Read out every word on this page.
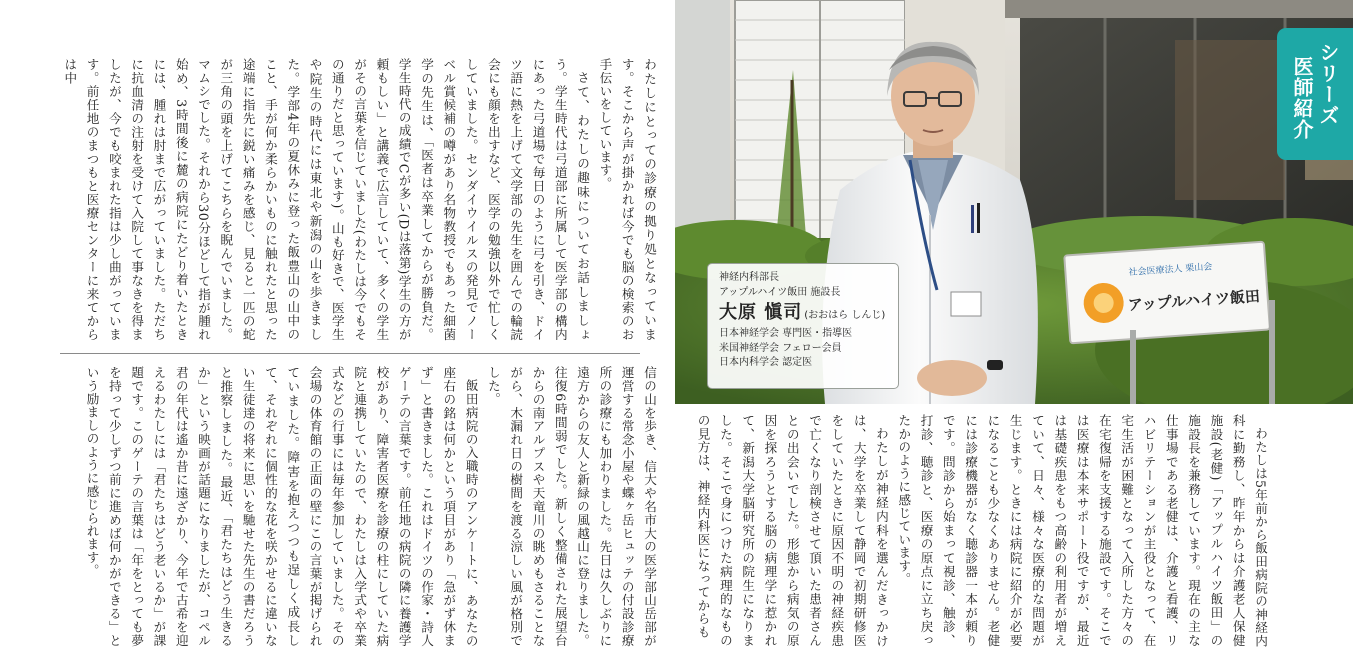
わたしにとっての診療の拠り処となっています。そこから声が掛かれば今でも脳の検索のお手伝いをしています。

さて、わたしの趣味についてお話しましょう。学生時代は弓道部に所属して医学部の構内にあった弓道場で毎日のように弓を引き、ドイツ語に熱を上げて文学部の先生を囲んでの輪読会にも顔を出すなど、医学の勉強以外で忙しくしていました。センダイウイルスの発見でノーベル賞候補の噂があり名物教授でもあった細菌学の先生は、「医者は卒業してからが勝負だ。学生時代の成績でCが多い(Dは落第)学生の方が頼もしい」と講義で広言していて、多くの学生がその言葉を信じていました(わたしは今でもその通りだと思っています)。山も好きで、医学生や院生の時代には東北や新潟の山を歩きました。学部4年の夏休みに登った飯豊山の山中のこと、手が何か柔らかいものに触れたと思った途端に指先に鋭い痛みを感じ、見ると一匹の蛇が三角の頭を上げてこちらを睨んでいました。マムシでした。それから30分ほどして指が腫れ始め、3時間後に麓の病院にたどり着いたときには、腫れは肘まで広がっていました。ただちに抗血清の注射を受けて入院して事なきを得ましたが、今でも咬まれた指は少し曲がっています。前任地のまつもと医療センターに来てからは中

信の山を歩き、信大や名市大の医学部山岳部が運営する常念小屋や蝶ヶ岳ヒュッテの付設診療所の診療にも加わりました。先日は久しぶりに遠方からの友人と新緑の風越山に登りました。往復6時間弱でした。新しく整備された展望台からの南アルプスや天竜川の眺めもさることながら、木漏れ日の樹間を渡る涼しい風が格別でした。

飯田病院の入職時のアンケートに、あなたの座右の銘は何かという項目があり「急がず休まず」と書きました。これはドイツの作家・詩人ゲーテの言葉です。前任地の病院の隣に養護学校があり、障害者医療を診療の柱にしていた病院と連携していたので、わたしは入学式や卒業式などの行事には毎年参加していました。その会場の体育館の正面の壁にこの言葉が掲げられていました。障害を抱えつつも逞しく成長して、それぞれに個性的な花を咲かせるに違いない生徒達の将来に思いを馳せた先生の書だろうと推察しました。最近、「君たちはどう生きるか」という映画が話題になりましたが、コペル君の年代は遙か昔に遠ざかり、今年で古希を迎えるわたしには「君たちはどう老いるか」が課題です。このゲーテの言葉は「年をとっても夢を持って少しずつ前に進めば何かができる」という励ましのように感じられます。

社会医療法人 栗山会
アップルハイツ飯田
シリーズ
医師紹介
神経内科部長
アップルハイツ飯田 施設長
大原 愼司 (おおはら しんじ)
日本神経学会 専門医・指導医
米国神経学会 フェロー会員
日本内科学会 認定医

わたしは5年前から飯田病院の神経内科に勤務し、昨年からは介護老人保健施設(老健)「アップルハイツ飯田」の施設長を兼務しています。現在の主な仕事場である老健は、介護と看護、リハビリテーションが主役となって、在宅生活が困難となって入所した方々の在宅復帰を支援する施設です。そこでは医療は本来サポート役ですが、最近は基礎疾患をもつ高齢の利用者が増えていて、日々、様々な医療的な問題が生じます。ときには病院に紹介が必要になることも少なくありません。老健には診療機器がなく聴診器一本が頼りです。問診から始まって視診、触診、打診、聴診と、医療の原点に立ち戻ったかのように感じています。

わたしが神経内科を選んだきっかけは、大学を卒業して静岡で初期研修医をしていたときに原因不明の神経疾患で亡くなり剖検させて頂いた患者さんとの出会いでした。形態から病気の原因を探ろうとする脳の病理学に惹かれて、新潟大学脳研究所の院生になりました。そこで身につけた病理的なものの見方は、神経内科医になってからも
